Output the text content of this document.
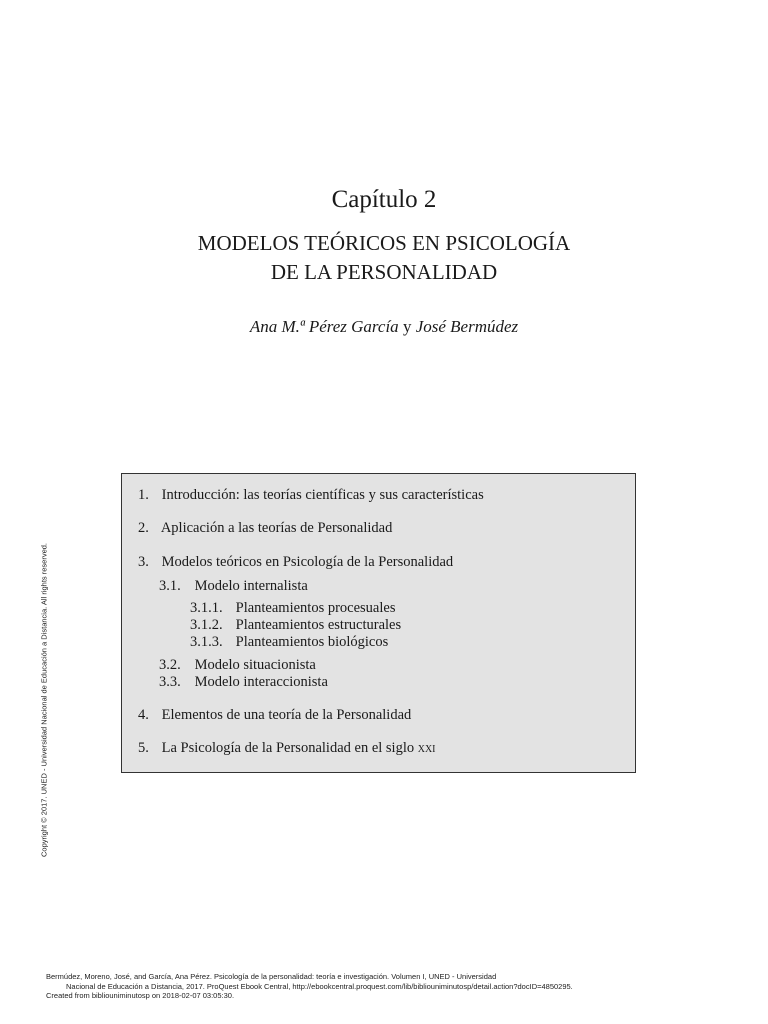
Capítulo 2
MODELOS TEÓRICOS EN PSICOLOGÍA
DE LA PERSONALIDAD
Ana M.ª Pérez García y José Bermúdez
1. Introducción: las teorías científicas y sus características
2. Aplicación a las teorías de Personalidad
3. Modelos teóricos en Psicología de la Personalidad
3.1. Modelo internalista
3.1.1. Planteamientos procesuales
3.1.2. Planteamientos estructurales
3.1.3. Planteamientos biológicos
3.2. Modelo situacionista
3.3. Modelo interaccionista
4. Elementos de una teoría de la Personalidad
5. La Psicología de la Personalidad en el siglo xxi
Copyright © 2017. UNED - Universidad Nacional de Educación a Distancia. All rights reserved.
Bermúdez, Moreno, José, and García, Ana Pérez. Psicología de la personalidad: teoría e investigación. Volumen I, UNED - Universidad
Nacional de Educación a Distancia, 2017. ProQuest Ebook Central, http://ebookcentral.proquest.com/lib/bibliouniminutosp/detail.action?docID=4850295.
Created from bibliouniminutosp on 2018-02-07 03:05:30.
